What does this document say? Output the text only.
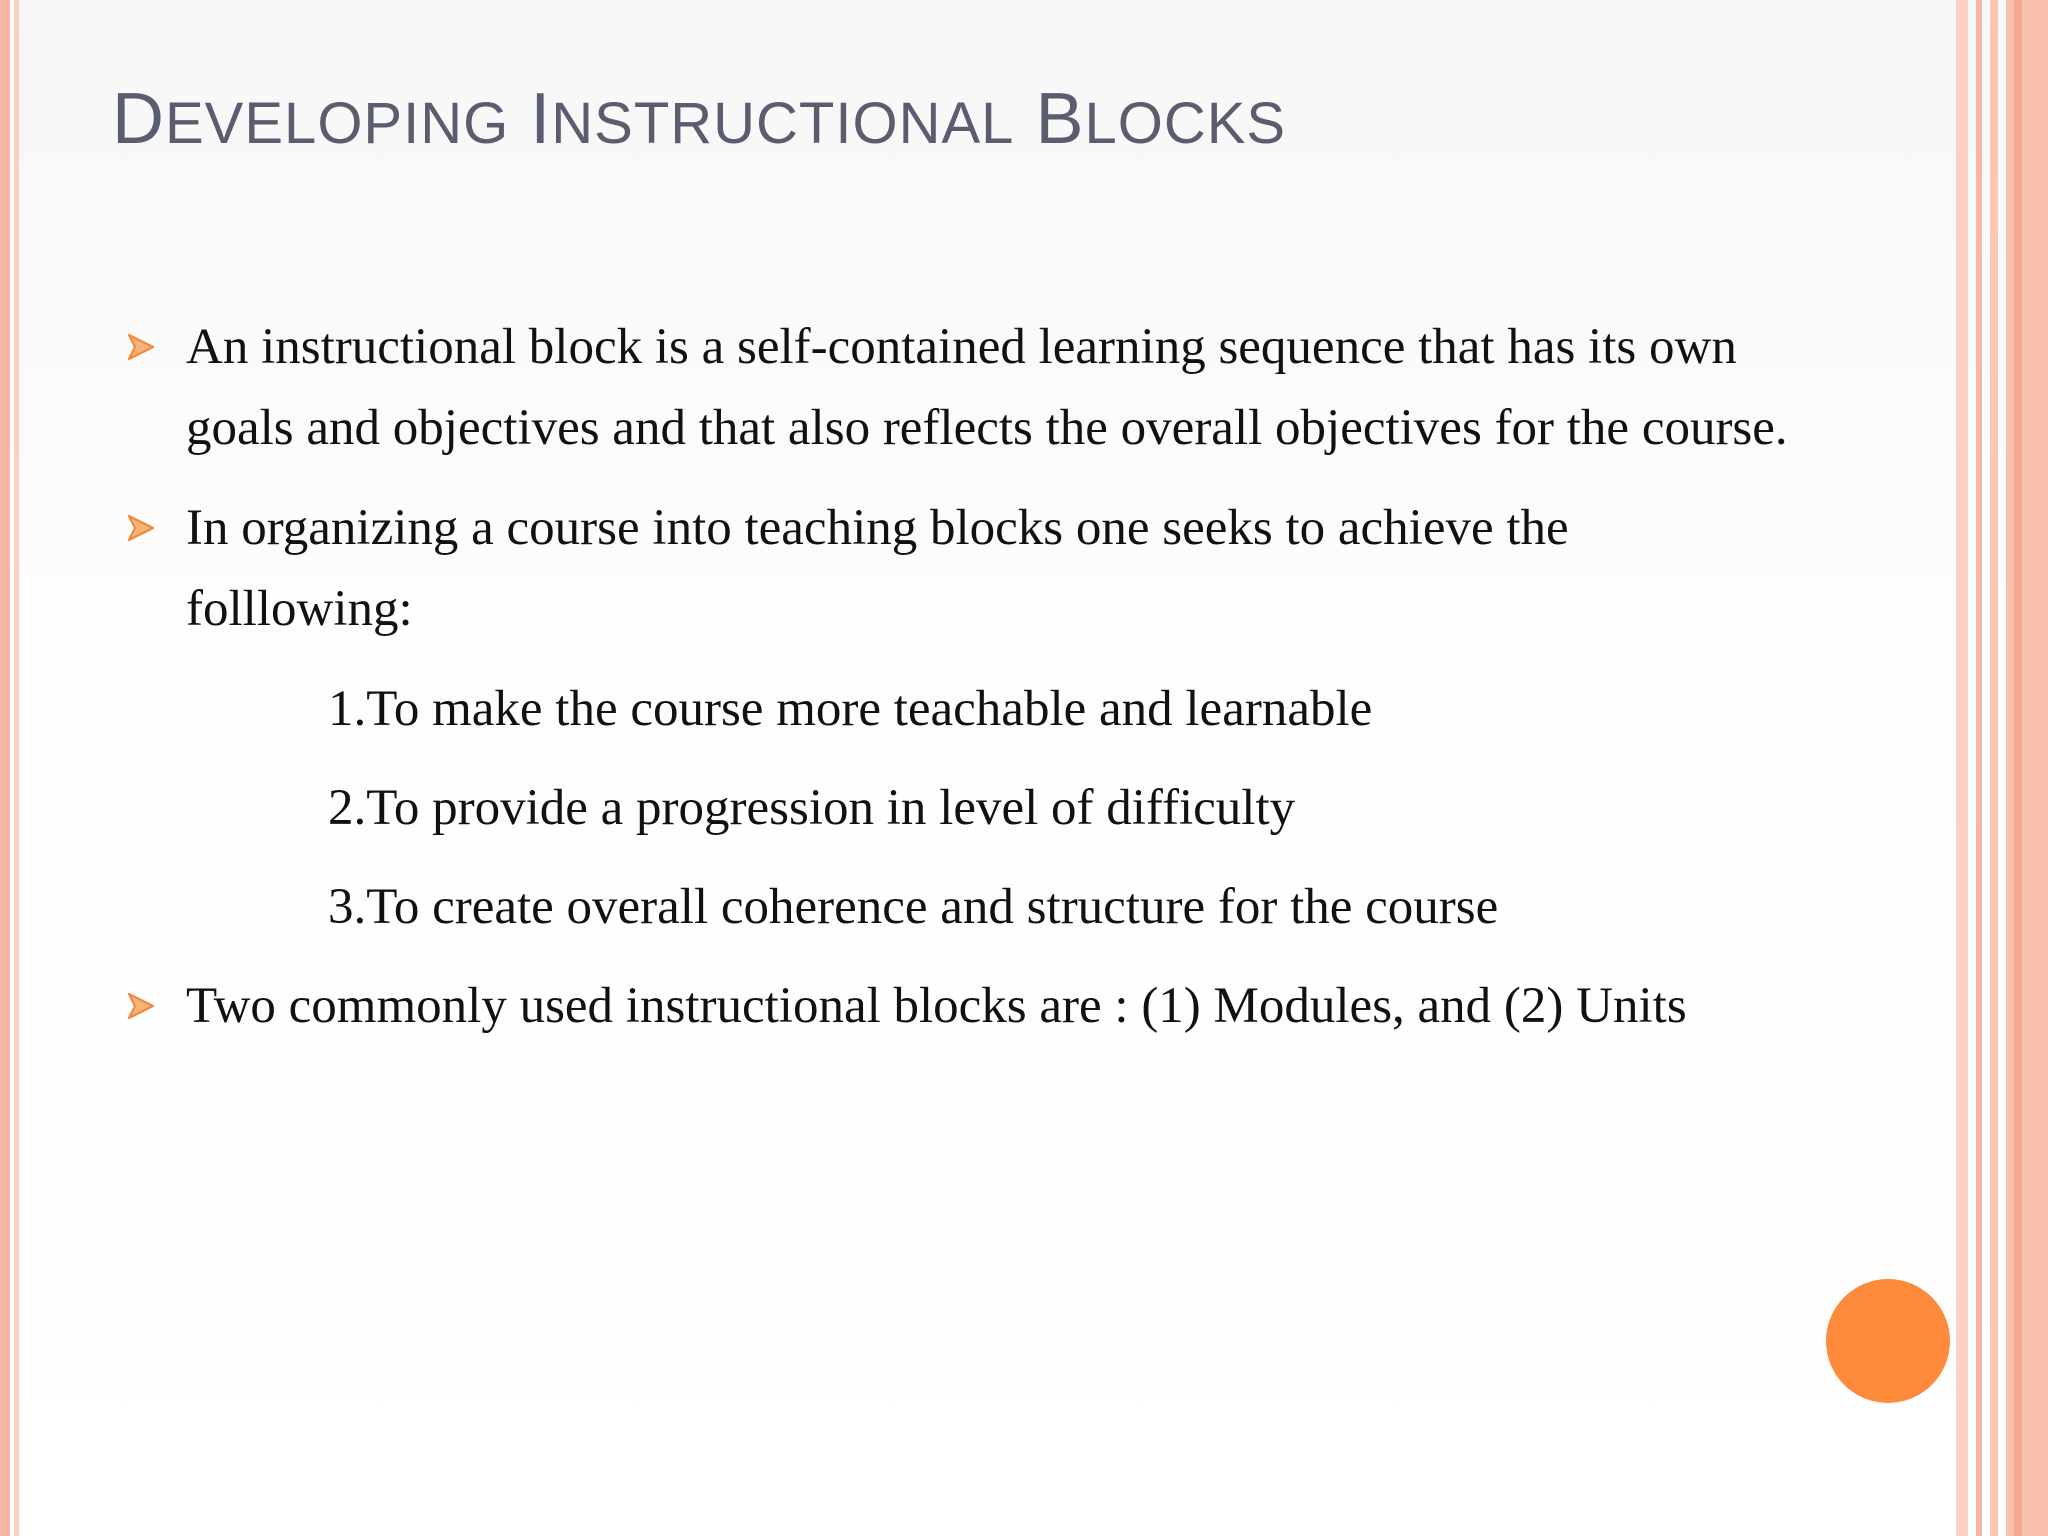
DEVELOPING INSTRUCTIONAL BLOCKS

An instructional block is a self-contained learning sequence that has its own

goals and objectives and that also reflects the overall objectives for the course.

In organizing a course into teaching blocks one seeks to achieve the

folllowing:

1.To make the course more teachable and learnable

2.To provide a progression in level of difficulty

3.To create overall coherence and structure for the course

Two commonly used instructional blocks are : (1) Modules, and (2) Units
